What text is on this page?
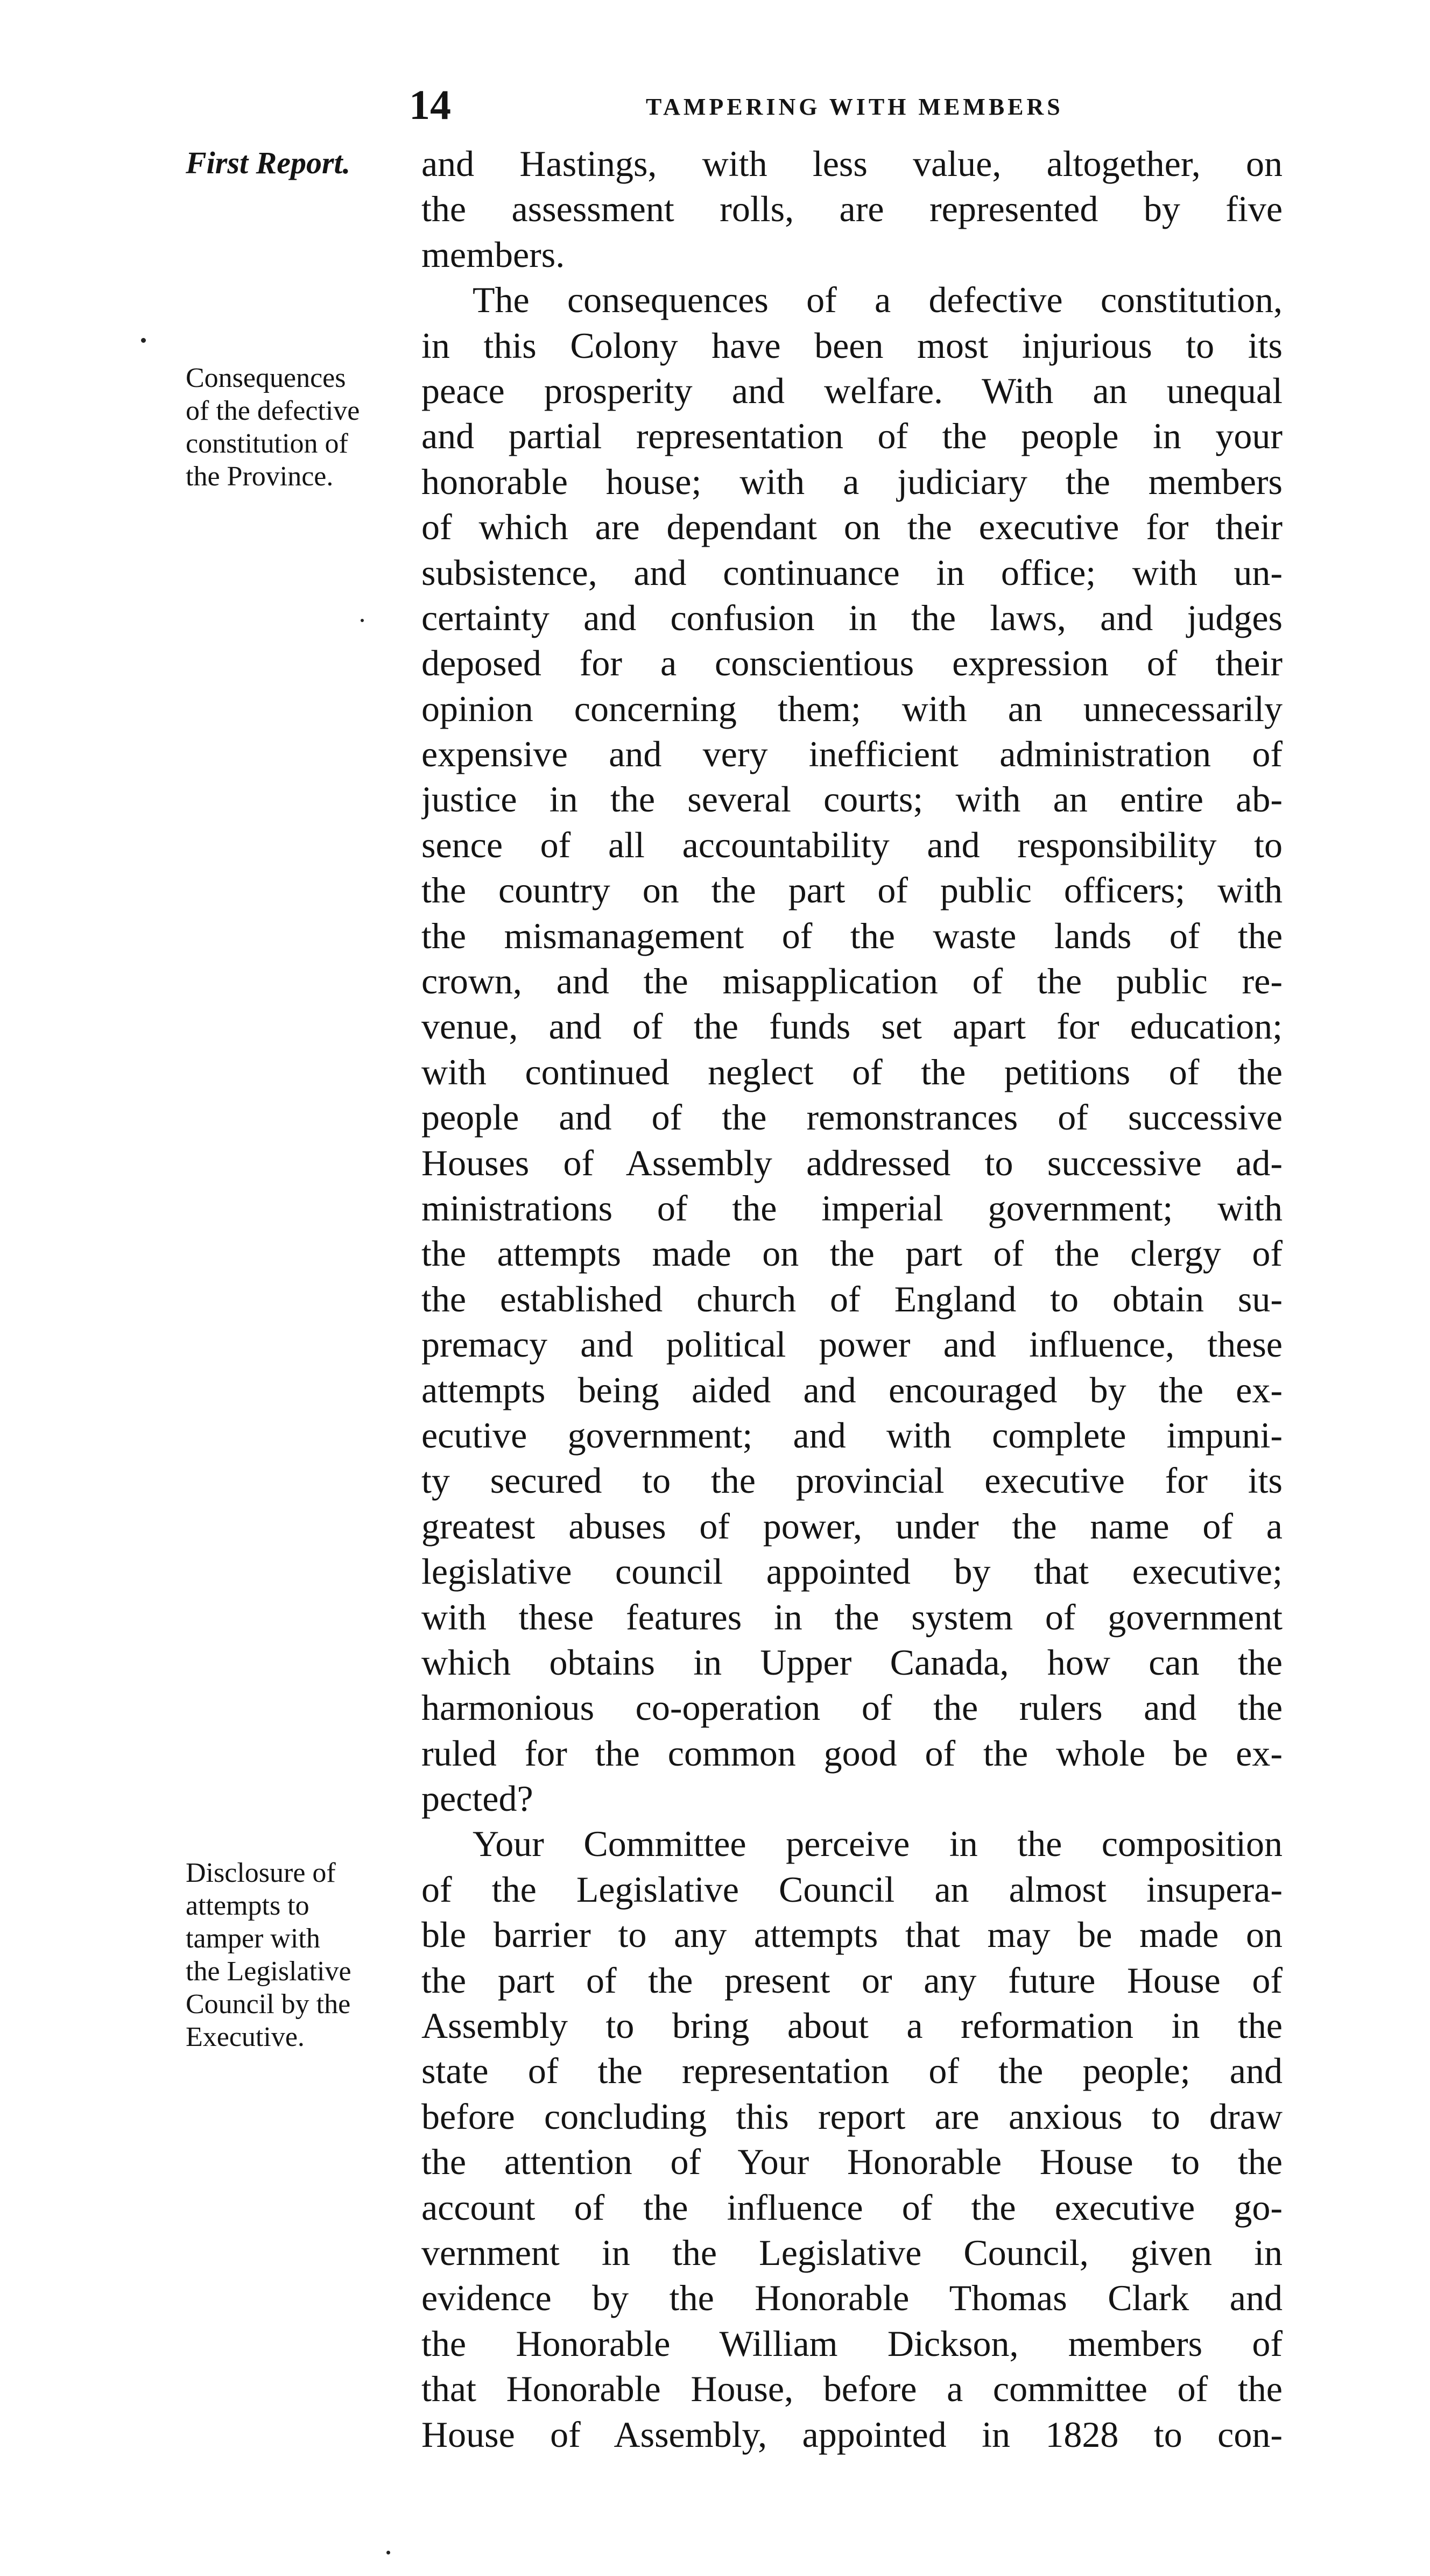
14	TAMPERING WITH MEMBERS
First Report.
Consequences
of the defective
constitution of
the Province.
Disclosure of
attempts to
tamper with
the Legislative
Council by the
Executive.
and Hastings, with less value, altogether, on
the assessment rolls, are represented by five
members.
The consequences of a defective constitution,
in this Colony have been most injurious to its
peace prosperity and welfare. With an unequal
and partial representation of the people in your
honorable house; with a judiciary the members
of which are dependant on the executive for their
subsistence, and continuance in office; with un-
certainty and confusion in the laws, and judges
deposed for a conscientious expression of their
opinion concerning them; with an unnecessarily
expensive and very inefficient administration of
justice in the several courts; with an entire ab-
sence of all accountability and responsibility to
the country on the part of public officers; with
the mismanagement of the waste lands of the
crown, and the misapplication of the public re-
venue, and of the funds set apart for education;
with continued neglect of the petitions of the
people and of the remonstrances of successive
Houses of Assembly addressed to successive ad-
ministrations of the imperial government; with
the attempts made on the part of the clergy of
the established church of England to obtain su-
premacy and political power and influence, these
attempts being aided and encouraged by the ex-
ecutive government; and with complete impuni-
ty secured to the provincial executive for its
greatest abuses of power, under the name of a
legislative council appointed by that executive;
with these features in the system of government
which obtains in Upper Canada, how can the
harmonious co-operation of the rulers and the
ruled for the common good of the whole be ex-
pected?
Your Committee perceive in the composition
of the Legislative Council an almost insupera-
ble barrier to any attempts that may be made on
the part of the present or any future House of
Assembly to bring about a reformation in the
state of the representation of the people; and
before concluding this report are anxious to draw
the attention of Your Honorable House to the
account of the influence of the executive go-
vernment in the Legislative Council, given in
evidence by the Honorable Thomas Clark and
the Honorable William Dickson, members of
that Honorable House, before a committee of the
House of Assembly, appointed in 1828 to con-
